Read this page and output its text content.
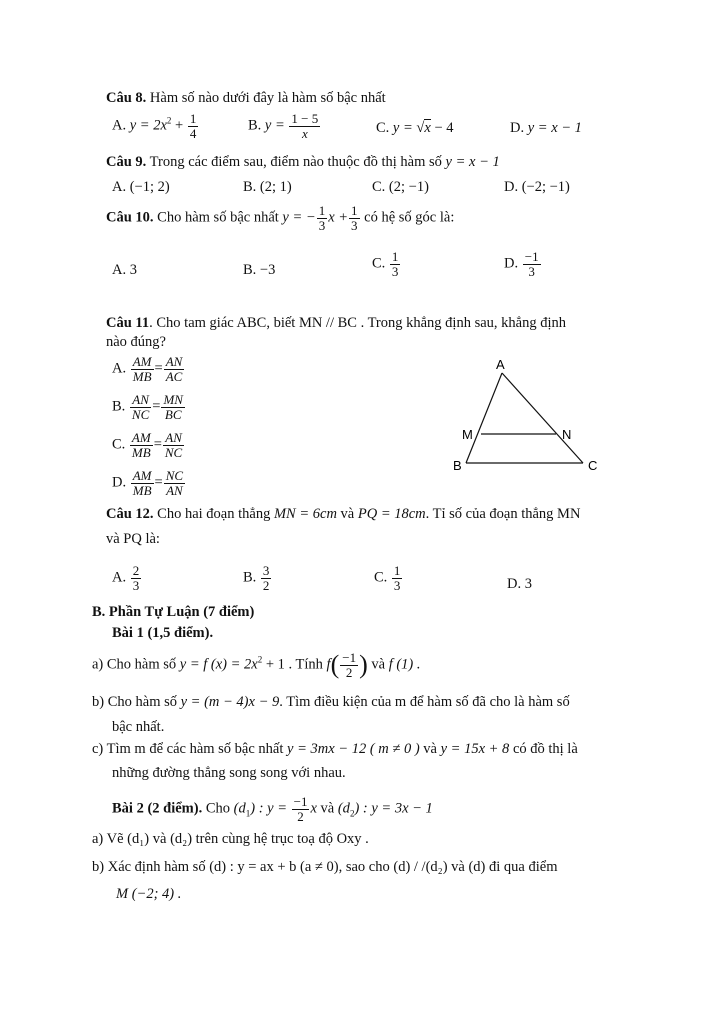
Câu 8. Hàm số nào dưới đây là hàm số bậc nhất
A. $y = 2x^2 + \frac{1}{4}$	B. $y = \frac{1 - 5}{x}$	C. y = √x − 4	D. y = x − 1
Câu 9. Trong các điểm sau, điểm nào thuộc đồ thị hàm số y = x − 1
A. (−1; 2)	B. (2; 1)	C. (2; −1)	D. (−2; −1)
Câu 10. Cho hàm số bậc nhất y = − $\frac{1}{3}$ $x + \frac{1}{3}$ có hệ số góc là:
A. 3	B. −3	C. $\frac{1}{3}$	D. $\frac{-1}{3}$
Câu 11. Cho tam giác ABC, biết MN // BC . Trong khẳng định sau, khẳng định
nào đúng?
A. $\frac{AM}{MB} = \frac{AN}{AC}$
B. $\frac{AN}{NC} = \frac{MN}{BC}$
C. $\frac{AM}{MB} = \frac{AN}{NC}$
D. $\frac{AM}{MB} = \frac{NC}{AN}$
A
M	N
B	C
Câu 12. Cho hai đoạn thẳng MN = 6cm và PQ = 18cm. Tỉ số của đoạn thẳng MN
và PQ là:
A. $\frac{2}{3}$	B. $\frac{3}{2}$	C. $\frac{1}{3}$	D. 3
B. Phần Tự Luận (7 điểm)
Bài 1 (1,5 điểm).
a) Cho hàm số y = f $(x) = 2x^2 + 1$ . Tính $f( \frac{-1}{2}$ ) và f (1) .
b) Cho hàm số y = (m − 4)x − 9. Tìm điều kiện của m để hàm số đã cho là hàm số
bậc nhất.
c) Tìm m để các hàm số bậc nhất y = 3mx − 12 ( m ≠ 0 ) và y = 15x + 8 có đồ thị là
những đường thẳng song song với nhau.
Bài 2 (2 điểm). Cho $(d_1)$ : $y = \frac{-1}{2}$ x và $(d_2)$ : y = 3x − 1
a) Vẽ (d₁) và (d₂) trên cùng hệ trục toạ độ Oxy .
b) Xác định hàm số (d) : y = ax + b (a ≠ 0), sao cho (d) / /(d₂) và (d) đi qua điểm
M (−2; 4) .
